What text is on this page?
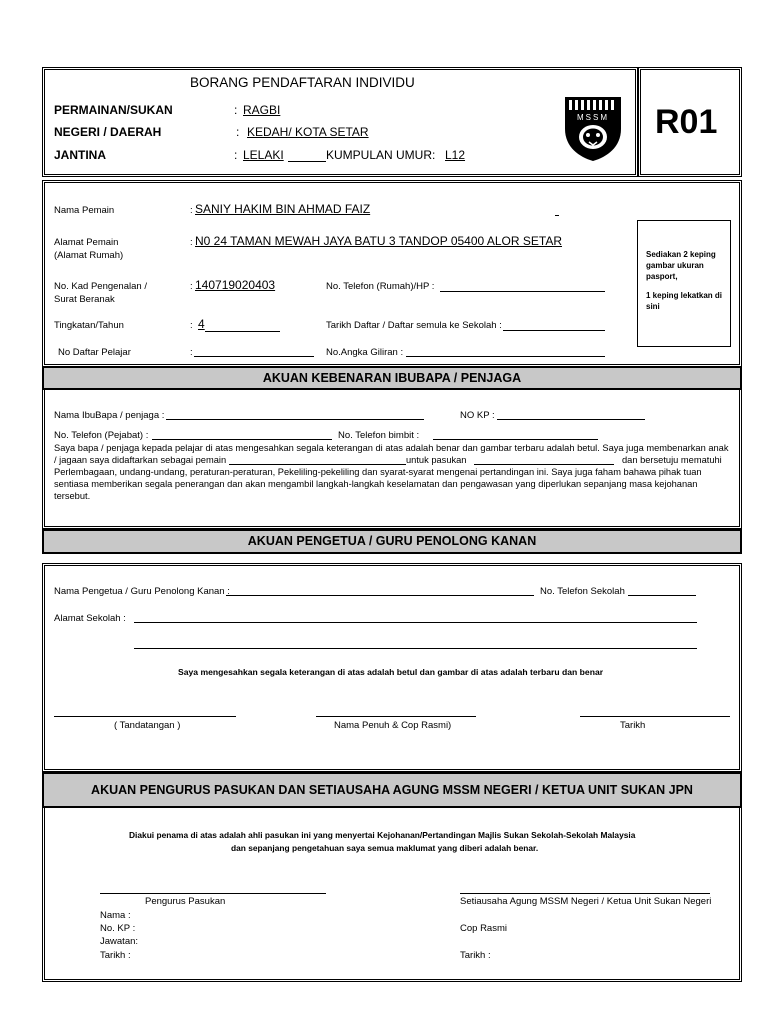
BORANG PENDAFTARAN INDIVIDU
PERMAINAN/SUKAN	: RAGBI
NEGERI / DAERAH	: KEDAH/ KOTA SETAR
JANTINA	: LELAKI	KUMPULAN UMUR: L12
MSSM R01
Nama Pemain	: SANIY HAKIM BIN AHMAD FAIZ
Alamat Pemain
(Alamat Rumah)
: N0 24 TAMAN MEWAH JAYA BATU 3 TANDOP 05400 ALOR SETAR
No. Kad Pengenalan /
Surat Beranak
: 140719020403	No. Telefon (Rumah)/HP :
Tingkatan/Tahun	: 4	Tarikh Daftar / Daftar semula ke Sekolah :
No Daftar Pelajar	:	No.Angka Giliran :
Sediakan 2 keping gambar ukuran pasport,
1 keping lekatkan di sini
AKUAN KEBENARAN IBUBAPA / PENJAGA
Nama IbuBapa / penjaga :	NO KP :
No. Telefon (Pejabat) :	No. Telefon bimbit :
Saya bapa / penjaga kepada pelajar di atas mengesahkan segala keterangan di atas adalah benar dan gambar terbaru adalah betul. Saya juga membenarkan anak
/ jagaan saya didaftarkan sebagai pemain	untuk pasukan	dan bersetuju mematuhi
Perlembagaan, undang-undang, peraturan-peraturan, Pekeliling-pekeliling dan syarat-syarat mengenai pertandingan ini. Saya juga faham bahawa pihak tuan
sentiasa memberikan segala penerangan dan akan mengambil langkah-langkah keselamatan dan pengawasan yang diperlukan sepanjang masa kejohanan
tersebut.
AKUAN PENGETUA / GURU PENOLONG KANAN
Nama Pengetua / Guru Penolong Kanan :	No. Telefon Sekolah
Alamat Sekolah :
Saya mengesahkan segala keterangan di atas adalah betul dan gambar di atas adalah terbaru dan benar
( Tandatangan )	Nama Penuh & Cop Rasmi)	Tarikh
AKUAN PENGURUS PASUKAN DAN SETIAUSAHA AGUNG MSSM NEGERI / KETUA UNIT SUKAN JPN
Diakui penama di atas adalah ahli pasukan ini yang menyertai Kejohanan/Pertandingan Majlis Sukan Sekolah-Sekolah Malaysia
dan sepanjang pengetahuan saya semua maklumat yang diberi adalah benar.
Pengurus Pasukan
Nama :
No. KP :
Jawatan:
Tarikh :
Setiausaha Agung MSSM Negeri / Ketua Unit Sukan Negeri
Cop Rasmi
Tarikh :
